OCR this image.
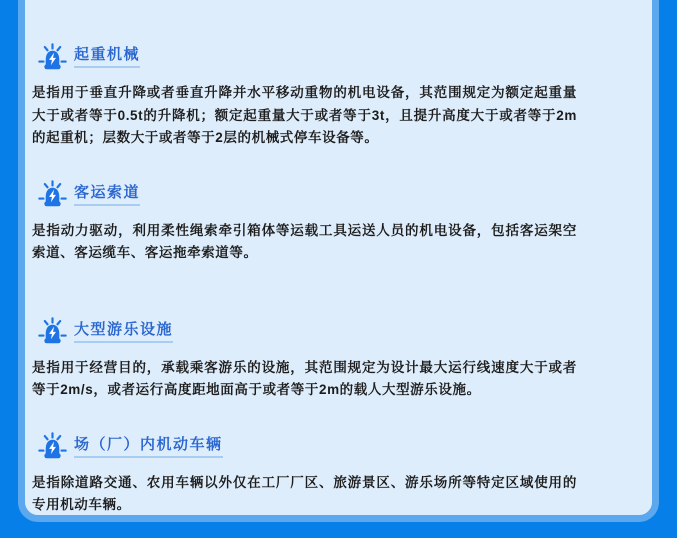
起重机械
是指用于垂直升降或者垂直升降并水平移动重物的机电设备，其范围规定为额定起重量大于或者等于0.5t的升降机；额定起重量大于或者等于3t，且提升高度大于或者等于2m的起重机；层数大于或者等于2层的机械式停车设备等。
客运索道
是指动力驱动，利用柔性绳索牵引箱体等运载工具运送人员的机电设备，包括客运架空索道、客运缆车、客运拖牵索道等。
大型游乐设施
是指用于经营目的，承载乘客游乐的设施，其范围规定为设计最大运行线速度大于或者等于2m/s，或者运行高度距地面高于或者等于2m的载人大型游乐设施。
场（厂）内机动车辆
是指除道路交通、农用车辆以外仅在工厂厂区、旅游景区、游乐场所等特定区域使用的专用机动车辆。
